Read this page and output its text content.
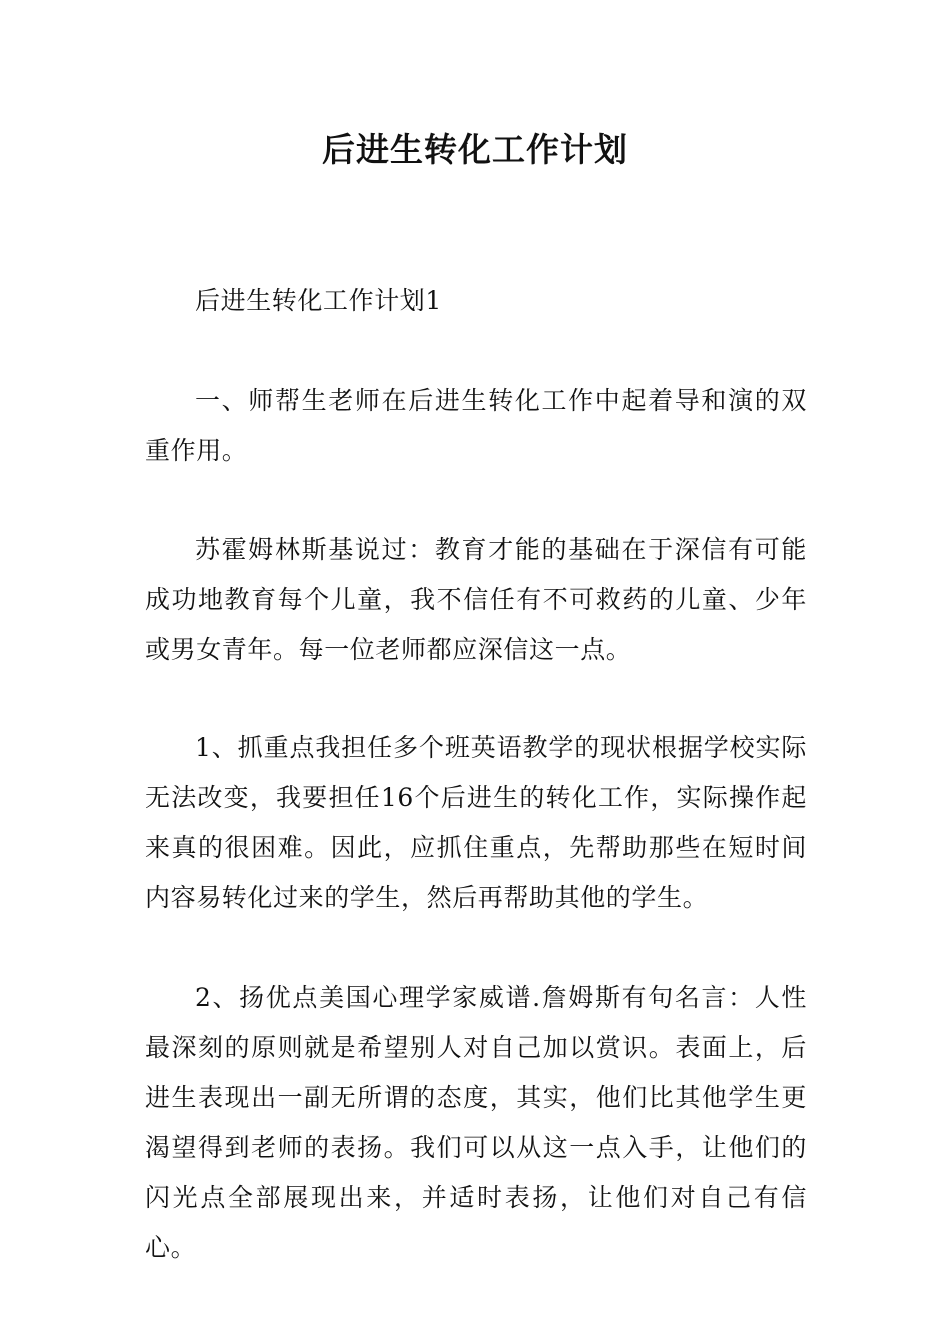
后进生转化工作计划

后进生转化工作计划1

一、师帮生老师在后进生转化工作中起着导和演的双重作用。

苏霍姆林斯基说过：教育才能的基础在于深信有可能成功地教育每个儿童，我不信任有不可救药的儿童、少年或男女青年。每一位老师都应深信这一点。

1、抓重点我担任多个班英语教学的现状根据学校实际无法改变，我要担任16个后进生的转化工作，实际操作起来真的很困难。因此，应抓住重点，先帮助那些在短时间内容易转化过来的学生，然后再帮助其他的学生。

2、扬优点美国心理学家威谱.詹姆斯有句名言：人性最深刻的原则就是希望别人对自己加以赏识。表面上，后进生表现出一副无所谓的态度，其实，他们比其他学生更渴望得到老师的表扬。我们可以从这一点入手，让他们的闪光点全部展现出来，并适时表扬，让他们对自己有信心。
